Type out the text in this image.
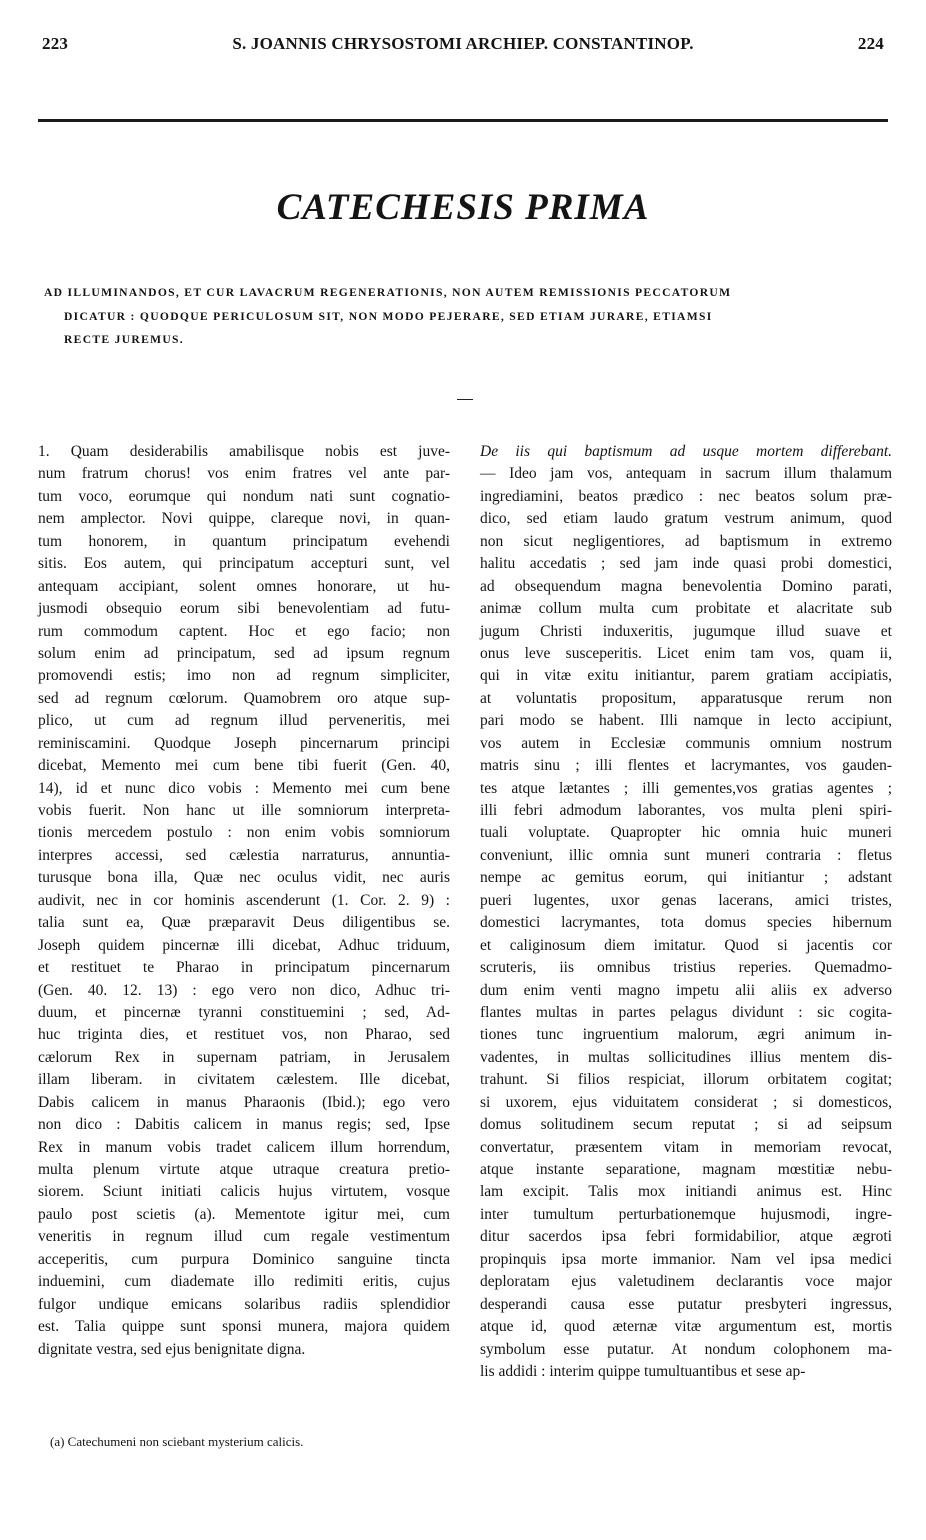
223	S. JOANNIS CHRYSOSTOMI ARCHIEP. CONSTANTINOP.	224
CATECHESIS PRIMA
AD ILLUMINANDOS, ET CUR LAVACRUM REGENERATIONIS, NON AUTEM REMISSIONIS PECCATORUM
DICATUR : QUODQUE PERICULOSUM SIT, NON MODO PEJERARE, SED ETIAM JURARE, ETIAMSI
RECTE JUREMUS.
1. Quam desiderabilis amabilisque nobis est juve-
num fratrum chorus! vos enim fratres vel ante par-
tum voco, eorumque qui nondum nati sunt cognatio-
nem amplector. Novi quippe, clareque novi, in quan-
tum honorem, in quantum principatum evehendi
sitis. Eos autem, qui principatum accepturi sunt, vel
antequam accipiant, solent omnes honorare, ut hu-
jusmodi obsequio eorum sibi benevolentiam ad futu-
rum commodum captent. Hoc et ego facio; non
solum enim ad principatum, sed ad ipsum regnum
promovendi estis; imo non ad regnum simpliciter,
sed ad regnum cœlorum. Quamobrem oro atque sup-
plico, ut cum ad regnum illud perveneritis, mei
reminiscamini. Quodque Joseph pincernarum principi
dicebat, Memento mei cum bene tibi fuerit (Gen. 40,
14), id et nunc dico vobis : Memento mei cum bene
vobis fuerit. Non hanc ut ille somniorum interpreta-
tionis mercedem postulo : non enim vobis somniorum
interpres accessi, sed cælestia narraturus, annuntia-
turusque bona illa, Quæ nec oculus vidit, nec auris
audivit, nec in cor hominis ascenderunt (1. Cor. 2. 9) :
talia sunt ea, Quæ præparavit Deus diligentibus se.
Joseph quidem pincernæ illi dicebat, Adhuc triduum,
et restituet te Pharao in principatum pincernarum
(Gen. 40. 12. 13) : ego vero non dico, Adhuc tri-
duum, et pincernæ tyranni constituemini ; sed, Ad-
huc triginta dies, et restituet vos, non Pharao, sed
cælorum Rex in supernam patriam, in Jerusalem
illam liberam. in civitatem cælestem. Ille dicebat,
Dabis calicem in manus Pharaonis (Ibid.); ego vero
non dico : Dabitis calicem in manus regis; sed, Ipse
Rex in manum vobis tradet calicem illum horrendum,
multa plenum virtute atque utraque creatura pretio-
siorem. Sciunt initiati calicis hujus virtutem, vosque
paulo post scietis (a). Mementote igitur mei, cum
veneritis in regnum illud cum regale vestimentum
acceperitis, cum purpura Dominico sanguine tincta
induemini, cum diademate illo redimiti eritis, cujus
fulgor undique emicans solaribus radiis splendidior
est. Talia quippe sunt sponsi munera, majora quidem
dignitate vestra, sed ejus benignitate digna.
De iis qui baptismum ad usque mortem differebant.
— Ideo jam vos, antequam in sacrum illum thalamum
ingrediamini, beatos prædico : nec beatos solum præ-
dico, sed etiam laudo gratum vestrum animum, quod
non sicut negligentiores, ad baptismum in extremo
halitu accedatis ; sed jam inde quasi probi domestici,
ad obsequendum magna benevolentia Domino parati,
animæ collum multa cum probitate et alacritate sub
jugum Christi induxeritis, jugumque illud suave et
onus leve susceperitis. Licet enim tam vos, quam ii,
qui in vitæ exitu initiantur, parem gratiam accipiatis,
at voluntatis propositum, apparatusque rerum non
pari modo se habent. Illi namque in lecto accipiunt,
vos autem in Ecclesiæ communis omnium nostrum
matris sinu ; illi flentes et lacrymantes, vos gauden-
tes atque lætantes ; illi gementes,vos gratias agentes ;
illi febri admodum laborantes, vos multa pleni spiri-
tuali voluptate. Quapropter hic omnia huic muneri
conveniunt, illic omnia sunt muneri contraria : fletus
nempe ac gemitus eorum, qui initiantur ; adstant
pueri lugentes, uxor genas lacerans, amici tristes,
domestici lacrymantes, tota domus species hibernum
et caliginosum diem imitatur. Quod si jacentis cor
scruteris, iis omnibus tristius reperies. Quemadmo-
dum enim venti magno impetu alii aliis ex adverso
flantes multas in partes pelagus dividunt : sic cogita-
tiones tunc ingruentium malorum, ægri animum in-
vadentes, in multas sollicitudines illius mentem dis-
trahunt. Si filios respiciat, illorum orbitatem cogitat;
si uxorem, ejus viduitatem considerat ; si domesticos,
domus solitudinem secum reputat ; si ad seipsum
convertatur, præsentem vitam in memoriam revocat,
atque instante separatione, magnam mœstitiæ nebu-
lam excipit. Talis mox initiandi animus est. Hinc
inter tumultum perturbationemque hujusmodi, ingre-
ditur sacerdos ipsa febri formidabilior, atque ægroti
propinquis ipsa morte immanior. Nam vel ipsa medici
deploratam ejus valetudinem declarantis voce major
desperandi causa esse putatur presbyteri ingressus,
atque id, quod æternæ vitæ argumentum est, mortis
symbolum esse putatur. At nondum colophonem ma-
lis addidi : interim quippe tumultuantibus et sese ap-
(a) Catechumeni non sciebant mysterium calicis.
